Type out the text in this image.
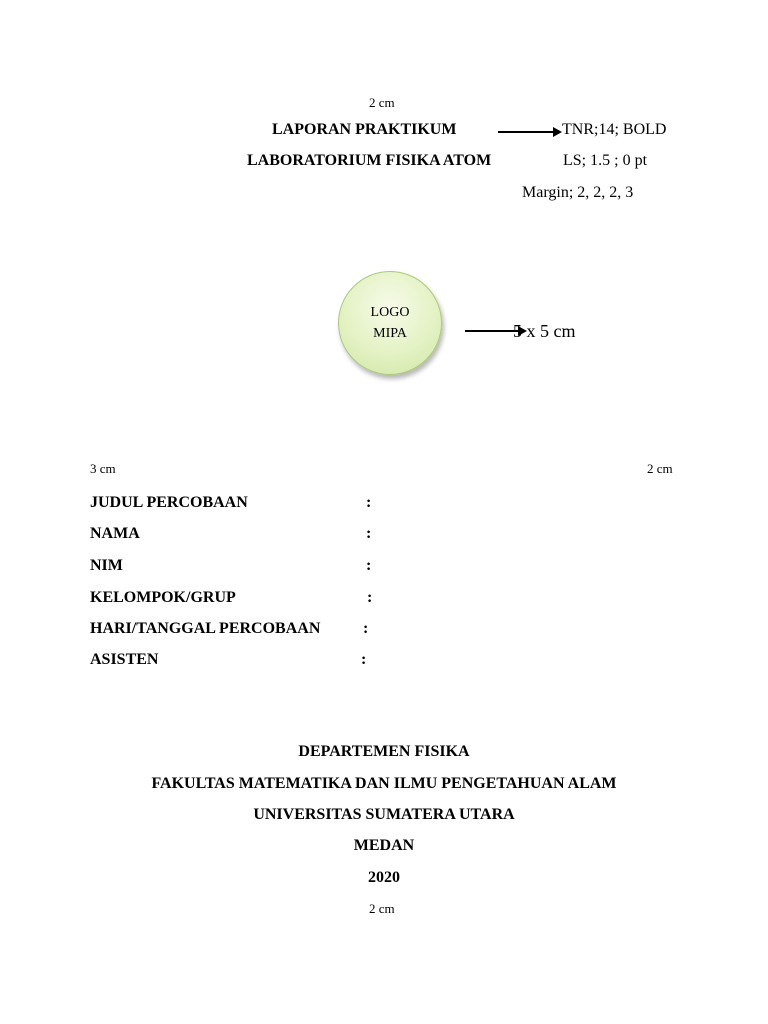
2 cm
LAPORAN PRAKTIKUM	TNR;14; BOLD
LABORATORIUM FISIKA ATOM	LS; 1.5 ; 0 pt
Margin; 2, 2, 2, 3
LOGO
MIPA	5 x 5 cm
3 cm	2 cm
JUDUL PERCOBAAN	:
NAMA	:
NIM	:
KELOMPOK/GRUP	:
HARI/TANGGAL PERCOBAAN	:
ASISTEN	:
DEPARTEMEN FISIKA
FAKULTAS MATEMATIKA DAN ILMU PENGETAHUAN ALAM
UNIVERSITAS SUMATERA UTARA
MEDAN
2020
2 cm
